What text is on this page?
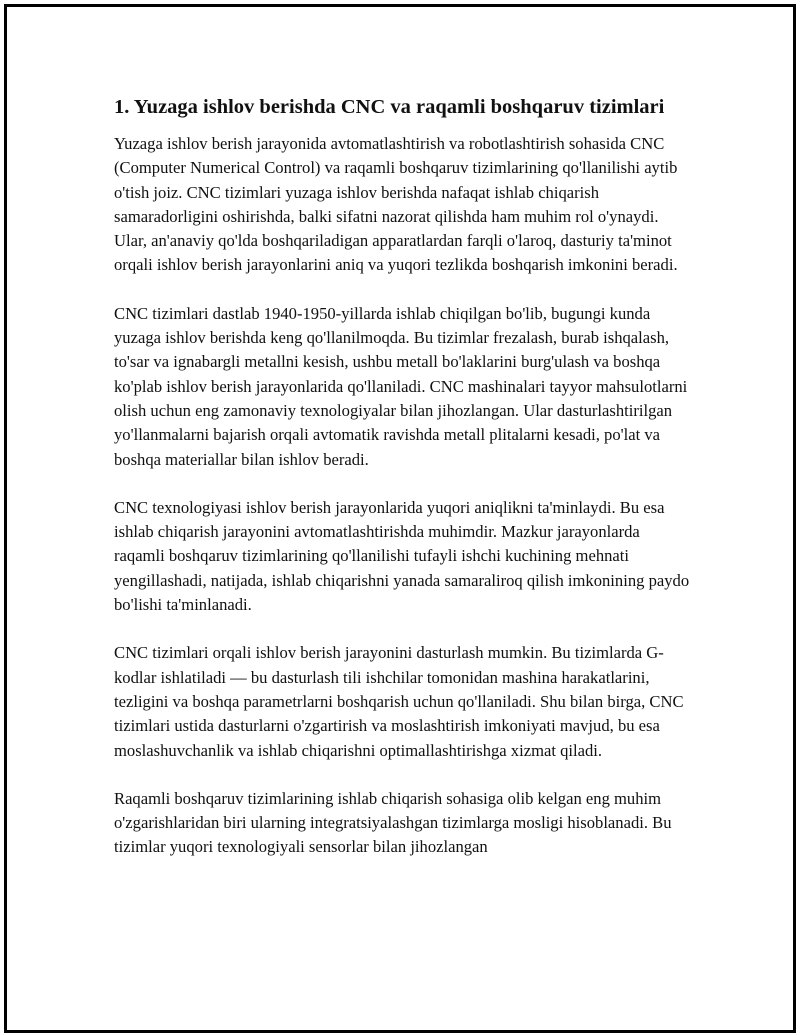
1. Yuzaga ishlov berishda CNC va raqamli boshqaruv tizimlari

Yuzaga ishlov berish jarayonida avtomatlashtirish va robotlashtirish sohasida CNC (Computer Numerical Control) va raqamli boshqaruv tizimlarining qo'llanilishi aytib o'tish joiz. CNC tizimlari yuzaga ishlov berishda nafaqat ishlab chiqarish samaradorligini oshirishda, balki sifatni nazorat qilishda ham muhim rol o'ynaydi. Ular, an'anaviy qo'lda boshqariladigan apparatlardan farqli o'laroq, dasturiy ta'minot orqali ishlov berish jarayonlarini aniq va yuqori tezlikda boshqarish imkonini beradi.

CNC tizimlari dastlab 1940-1950-yillarda ishlab chiqilgan bo'lib, bugungi kunda yuzaga ishlov berishda keng qo'llanilmoqda. Bu tizimlar frezalash, burab ishqalash, to'sar va ignabargli metallni kesish, ushbu metall bo'laklarini burg'ulash va boshqa ko'plab ishlov berish jarayonlarida qo'llaniladi. CNC mashinalari tayyor mahsulotlarni olish uchun eng zamonaviy texnologiyalar bilan jihozlangan. Ular dasturlashtirilgan yo'llanmalarni bajarish orqali avtomatik ravishda metall plitalarni kesadi, po'lat va boshqa materiallar bilan ishlov beradi.

CNC texnologiyasi ishlov berish jarayonlarida yuqori aniqlikni ta'minlaydi. Bu esa ishlab chiqarish jarayonini avtomatlashtirishda muhimdir. Mazkur jarayonlarda raqamli boshqaruv tizimlarining qo'llanilishi tufayli ishchi kuchining mehnati yengillashadi, natijada, ishlab chiqarishni yanada samaraliroq qilish imkonining paydo bo'lishi ta'minlanadi.

CNC tizimlari orqali ishlov berish jarayonini dasturlash mumkin. Bu tizimlarda G-kodlar ishlatiladi — bu dasturlash tili ishchilar tomonidan mashina harakatlarini, tezligini va boshqa parametrlarni boshqarish uchun qo'llaniladi. Shu bilan birga, CNC tizimlari ustida dasturlarni o'zgartirish va moslashtirish imkoniyati mavjud, bu esa moslashuvchanlik va ishlab chiqarishni optimallashtirishga xizmat qiladi.

Raqamli boshqaruv tizimlarining ishlab chiqarish sohasiga olib kelgan eng muhim o'zgarishlaridan biri ularning integratsiyalashgan tizimlarga mosligi hisoblanadi. Bu tizimlar yuqori texnologiyali sensorlar bilan jihozlangan
